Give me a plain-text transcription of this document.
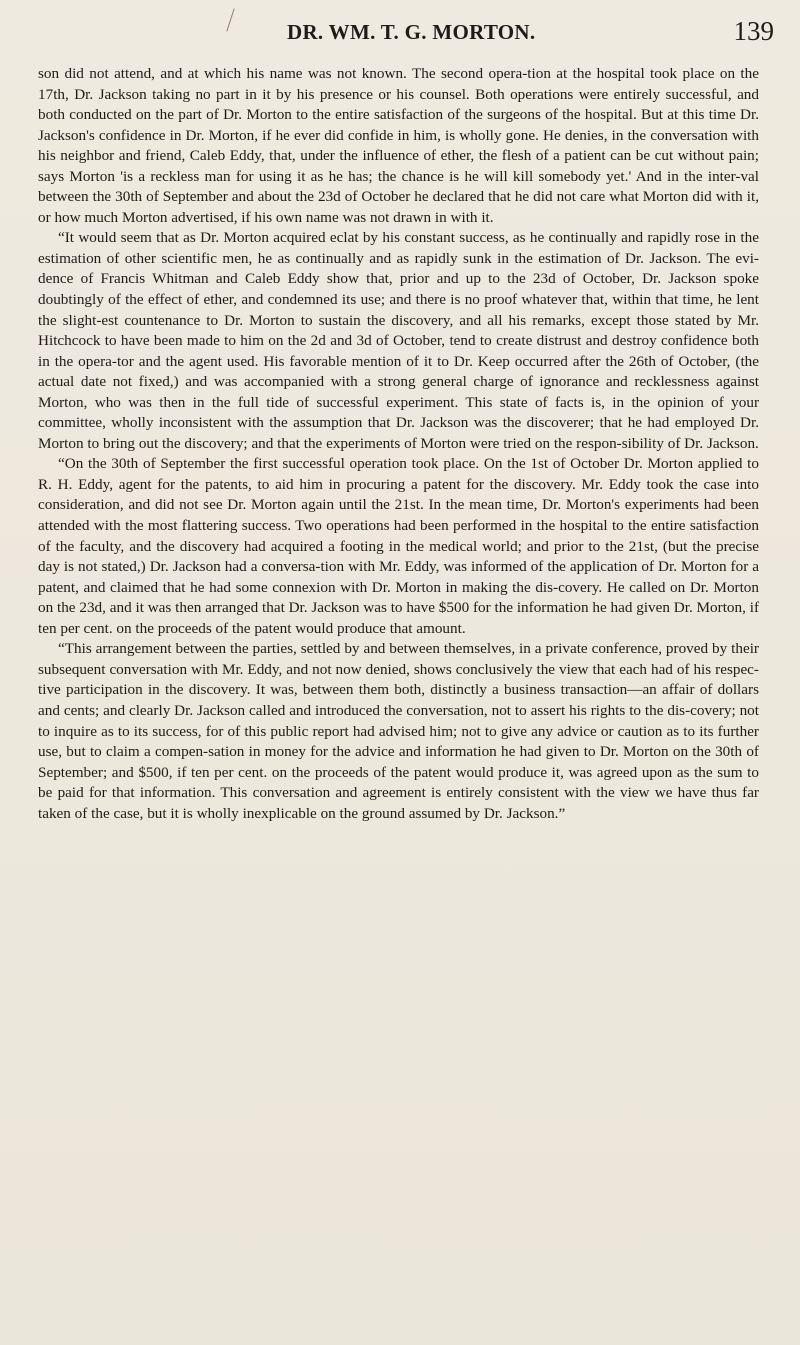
DR. WM. T. G. MORTON.	139

son did not attend, and at which his name was not known. The second opera-tion at the hospital took place on the 17th, Dr. Jackson taking no part in it by his presence or his counsel. Both operations were entirely successful, and both conducted on the part of Dr. Morton to the entire satisfaction of the surgeons of the hospital. But at this time Dr. Jackson's confidence in Dr. Morton, if he ever did confide in him, is wholly gone. He denies, in the conversation with his neighbor and friend, Caleb Eddy, that, under the influence of ether, the flesh of a patient can be cut without pain; says Morton 'is a reckless man for using it as he has; the chance is he will kill somebody yet.' And in the inter-val between the 30th of September and about the 23d of October he declared that he did not care what Morton did with it, or how much Morton advertised, if his own name was not drawn in with it.

“It would seem that as Dr. Morton acquired eclat by his constant success, as he continually and rapidly rose in the estimation of other scientific men, he as continually and as rapidly sunk in the estimation of Dr. Jackson. The evi-dence of Francis Whitman and Caleb Eddy show that, prior and up to the 23d of October, Dr. Jackson spoke doubtingly of the effect of ether, and condemned its use; and there is no proof whatever that, within that time, he lent the slight-est countenance to Dr. Morton to sustain the discovery, and all his remarks, except those stated by Mr. Hitchcock to have been made to him on the 2d and 3d of October, tend to create distrust and destroy confidence both in the opera-tor and the agent used. His favorable mention of it to Dr. Keep occurred after the 26th of October, (the actual date not fixed,) and was accompanied with a strong general charge of ignorance and recklessness against Morton, who was then in the full tide of successful experiment. This state of facts is, in the opinion of your committee, wholly inconsistent with the assumption that Dr. Jackson was the discoverer; that he had employed Dr. Morton to bring out the discovery; and that the experiments of Morton were tried on the respon-sibility of Dr. Jackson.

“On the 30th of September the first successful operation took place. On the 1st of October Dr. Morton applied to R. H. Eddy, agent for the patents, to aid him in procuring a patent for the discovery. Mr. Eddy took the case into consideration, and did not see Dr. Morton again until the 21st. In the mean time, Dr. Morton's experiments had been attended with the most flattering success. Two operations had been performed in the hospital to the entire satisfaction of the faculty, and the discovery had acquired a footing in the medical world; and prior to the 21st, (but the precise day is not stated,) Dr. Jackson had a conversa-tion with Mr. Eddy, was informed of the application of Dr. Morton for a patent, and claimed that he had some connexion with Dr. Morton in making the dis-covery. He called on Dr. Morton on the 23d, and it was then arranged that Dr. Jackson was to have $500 for the information he had given Dr. Morton, if ten per cent. on the proceeds of the patent would produce that amount.

“This arrangement between the parties, settled by and between themselves, in a private conference, proved by their subsequent conversation with Mr. Eddy, and not now denied, shows conclusively the view that each had of his respec-tive participation in the discovery. It was, between them both, distinctly a business transaction—an affair of dollars and cents; and clearly Dr. Jackson called and introduced the conversation, not to assert his rights to the dis-covery; not to inquire as to its success, for of this public report had advised him; not to give any advice or caution as to its further use, but to claim a compen-sation in money for the advice and information he had given to Dr. Morton on the 30th of September; and $500, if ten per cent. on the proceeds of the patent would produce it, was agreed upon as the sum to be paid for that information. This conversation and agreement is entirely consistent with the view we have thus far taken of the case, but it is wholly inexplicable on the ground assumed by Dr. Jackson.”
